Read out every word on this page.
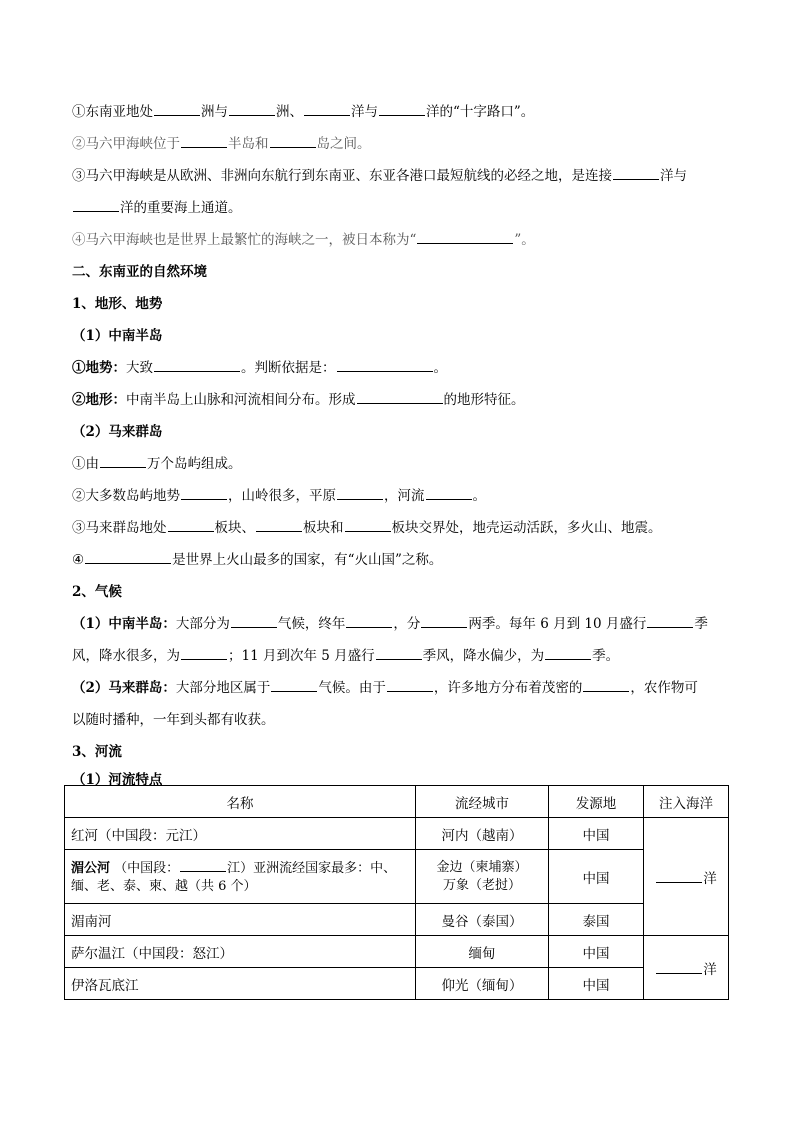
①东南亚地处	洲与	洲、	洋与	洋的“十字路口”。
②马六甲海峡位于	半岛和	岛之间。
③马六甲海峡是从欧洲、非洲向东航行到东南亚、东亚各港口最短航线的必经之地，是连接	洋与
洋的重要海上通道。
④马六甲海峡也是世界上最繁忙的海峡之一，被日本称为“	”。
二、东南亚的自然环境
1、地形、地势
（1）中南半岛
①地势：大致	。判断依据是：	。
②地形：中南半岛上山脉和河流相间分布。形成	的地形特征。
（2）马来群岛
①由	万个岛屿组成。
②大多数岛屿地势	，山岭很多，平原	，河流	。
③马来群岛地处	板块、	板块和	板块交界处，地壳运动活跃，多火山、地震。
④	是世界上火山最多的国家，有“火山国”之称。
2、气候
（1）中南半岛：大部分为	气候，终年	，分	两季。每年 6 月到 10 月盛行	季
风，降水很多，为	；11 月到次年 5 月盛行	季风，降水偏少，为	季。
（2）马来群岛：大部分地区属于	气候。由于	，许多地方分布着茂密的	，农作物可
以随时播种，一年到头都有收获。
3、河流
（1）河流特点
名称	流经城市	发源地	注入海洋
红河（中国段：元江）	河内（越南）	中国	洋
湄公河 （中国段： 江）亚洲流经国家最多：中、缅、老、泰、柬、越（共 6 个）	金边（柬埔寨）
万象（老挝）	中国	
湄南河	曼谷（泰国）	泰国	
萨尔温江（中国段：怒江）	缅甸	中国	洋
伊洛瓦底江	仰光（缅甸）	中国	
